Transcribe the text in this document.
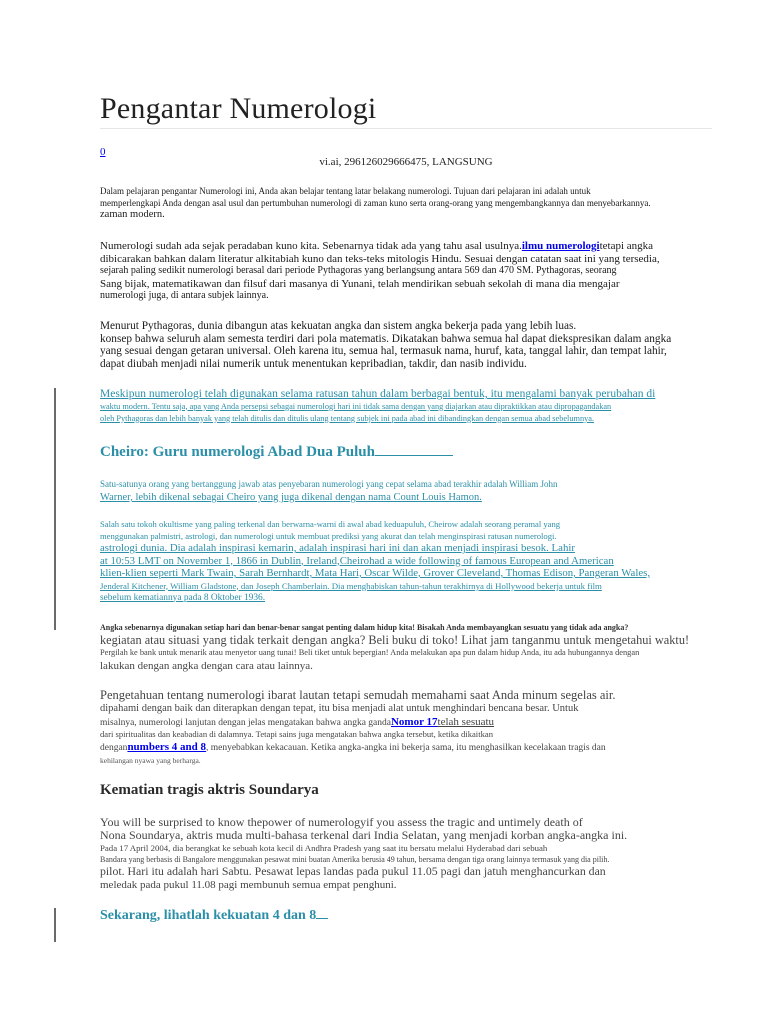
Pengantar Numerologi
0
vi.ai, 296126029666475, LANGSUNG
Dalam pelajaran pengantar Numerologi ini, Anda akan belajar tentang latar belakang numerologi. Tujuan dari pelajaran ini adalah untuk
memperlengkapi Anda dengan asal usul dan pertumbuhan numerologi di zaman kuno serta orang-orang yang mengembangkannya dan menyebarkannya.
zaman modern.
Numerologi sudah ada sejak peradaban kuno kita. Sebenarnya tidak ada yang tahu asal usulnya.ilmu numerologitetapi angka
dibicarakan bahkan dalam literatur alkitabiah kuno dan teks-teks mitologis Hindu. Sesuai dengan catatan saat ini yang tersedia,
sejarah paling sedikit numerologi berasal dari periode Pythagoras yang berlangsung antara 569 dan 470 SM. Pythagoras, seorang
Sang bijak, matematikawan dan filsuf dari masanya di Yunani, telah mendirikan sebuah sekolah di mana dia mengajar
numerologi juga, di antara subjek lainnya.
Menurut Pythagoras, dunia dibangun atas kekuatan angka dan sistem angka bekerja pada yang lebih luas.
konsep bahwa seluruh alam semesta terdiri dari pola matematis. Dikatakan bahwa semua hal dapat diekspresikan dalam angka
yang sesuai dengan getaran universal. Oleh karena itu, semua hal, termasuk nama, huruf, kata, tanggal lahir, dan tempat lahir,
dapat diubah menjadi nilai numerik untuk menentukan kepribadian, takdir, dan nasib individu.
Meskipun numerologi telah digunakan selama ratusan tahun dalam berbagai bentuk, itu mengalami banyak perubahan di
waktu modern. Tentu saja, apa yang Anda persepsi sebagai numerologi hari ini tidak sama dengan yang diajarkan atau dipraktikkan atau dipropagandakan
oleh Pythagoras dan lebih banyak yang telah ditulis dan ditulis ulang tentang subjek ini pada abad ini dibandingkan dengan semua abad sebelumnya.
Cheiro: Guru numerologi Abad Dua Puluh
Satu-satunya orang yang bertanggung jawab atas penyebaran numerologi yang cepat selama abad terakhir adalah William John
Warner, lebih dikenal sebagai Cheiro yang juga dikenal dengan nama Count Louis Hamon.
Salah satu tokoh okultisme yang paling terkenal dan berwarna-warni di awal abad keduapuluh, Cheirow adalah seorang peramal yang
menggunakan palmistri, astrologi, dan numerologi untuk membuat prediksi yang akurat dan telah menginspirasi ratusan numerologi.
astrologi dunia. Dia adalah inspirasi kemarin, adalah inspirasi hari ini dan akan menjadi inspirasi besok. Lahir
at 10:53 LMT on November 1, 1866 in Dublin, Ireland,Cheirohad a wide following of famous European and American
klien-klien seperti Mark Twain, Sarah Bernhardt, Mata Hari, Oscar Wilde, Grover Cleveland, Thomas Edison, Pangeran Wales,
Jenderal Kitchener, William Gladstone, dan Joseph Chamberlain. Dia menghabiskan tahun-tahun terakhirnya di Hollywood bekerja untuk film
sebelum kematiannya pada 8 Oktober 1936.
Angka sebenarnya digunakan setiap hari dan benar-benar sangat penting dalam hidup kita! Bisakah Anda membayangkan sesuatu yang tidak ada angka?
kegiatan atau situasi yang tidak terkait dengan angka? Beli buku di toko! Lihat jam tanganmu untuk mengetahui waktu!
Pergilah ke bank untuk menarik atau menyetor uang tunai! Beli tiket untuk bepergian! Anda melakukan apa pun dalam hidup Anda, itu ada hubungannya dengan
lakukan dengan angka dengan cara atau lainnya.
Pengetahuan tentang numerologi ibarat lautan tetapi semudah memahami saat Anda minum segelas air.
dipahami dengan baik dan diterapkan dengan tepat, itu bisa menjadi alat untuk menghindari bencana besar. Untuk
misalnya, numerologi lanjutan dengan jelas mengatakan bahwa angka gandaNomor 17telah sesuatu
dari spiritualitas dan keabadian di dalamnya. Tetapi sains juga mengatakan bahwa angka tersebut, ketika dikaitkan
dengannumbers 4 and 8, menyebabkan kekacauan. Ketika angka-angka ini bekerja sama, itu menghasilkan kecelakaan tragis dan
kehilangan nyawa yang berharga.
Kematian tragis aktris Soundarya
You will be surprised to know thepower of numerologyif you assess the tragic and untimely death of
Nona Soundarya, aktris muda multi-bahasa terkenal dari India Selatan, yang menjadi korban angka-angka ini.
Pada 17 April 2004, dia berangkat ke sebuah kota kecil di Andhra Pradesh yang saat itu bersatu melalui Hyderabad dari sebuah
Bandara yang berbasis di Bangalore menggunakan pesawat mini buatan Amerika berusia 49 tahun, bersama dengan tiga orang lainnya termasuk yang dia pilih.
pilot. Hari itu adalah hari Sabtu. Pesawat lepas landas pada pukul 11.05 pagi dan jatuh menghancurkan dan
meledak pada pukul 11.08 pagi membunuh semua empat penghuni.
Sekarang, lihatlah kekuatan 4 dan 8
